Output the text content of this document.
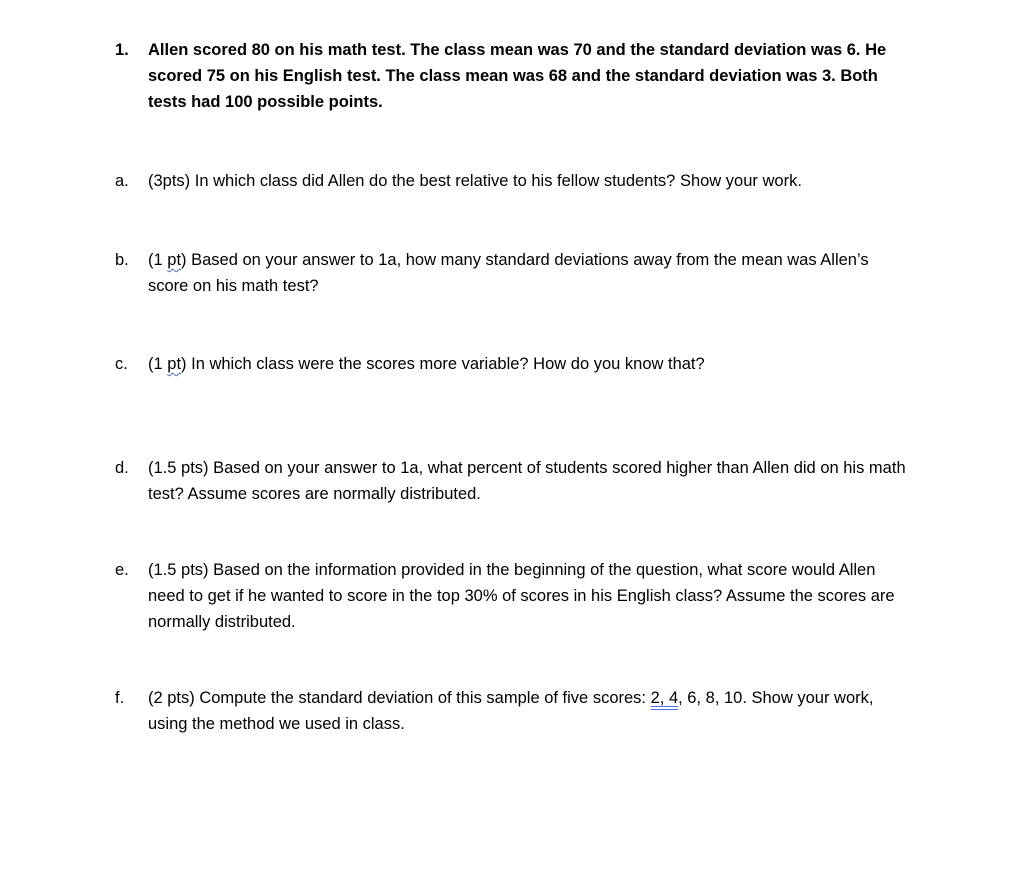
1.	Allen scored 80 on his math test. The class mean was 70 and the standard deviation was 6. He scored 75 on his English test. The class mean was 68 and the standard deviation was 3. Both tests had 100 possible points.
a.	(3pts) In which class did Allen do the best relative to his fellow students? Show your work.
b.	(1 pt) Based on your answer to 1a, how many standard deviations away from the mean was Allen’s score on his math test?
c.	(1 pt) In which class were the scores more variable? How do you know that?
d.	(1.5 pts) Based on your answer to 1a, what percent of students scored higher than Allen did on his math test? Assume scores are normally distributed.
e.	(1.5 pts) Based on the information provided in the beginning of the question, what score would Allen need to get if he wanted to score in the top 30% of scores in his English class? Assume the scores are normally distributed.
f.	(2 pts) Compute the standard deviation of this sample of five scores: 2, 4, 6, 8, 10. Show your work, using the method we used in class.
